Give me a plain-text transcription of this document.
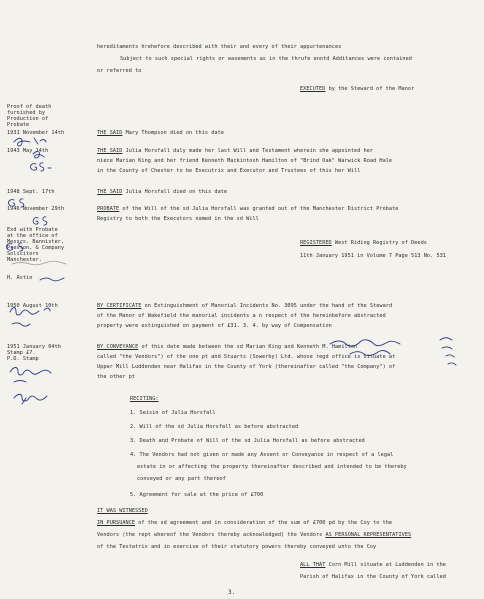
hereditaments hrehefore described with their and every of their appurtenances
Subject to such special rights or easements as in the thrufe enntd Additances were contained
or referred to
EXECUTED by the Steward of the Manor
Proof of death
furnished by
Production of
Probate
1931 November 14th	THE SAID Mary Thompson died on this date
1943 May 14th	THE SAID Julia Horsfall duly made her last Will and Testament wherein she appointed her
niece Marian King and her friend Kenneth Mackintosh Hamilton of "Brind Oak" Warwick Road Hale
in the County of Chester to be Executrix and Executor and Trustees of this her Will
1948 Sept. 17th	THE SAID Julia Horsfall died on this date
1946 November 29th	PROBATE of the Will of the sd Julia Horsfall was granted out of the Manchester District Probate
Registry to both the Executors named in the sd Will
Exd with Probate
at the office of
Messrs. Bannister,
Preston, & Company
Solicitors
Manchester.
H. Astin
REGISTERED West Riding Registry of Deeds
11th January 1951 in Volume 7 Page 513 No. 531
1950 August 10th	BY CERTIFICATE on Extinguishment of Manorial Incidents No. 3095 under the hand of the Steward
of the Manor of Wakefield the manorial incidents a n respect of the hereinbefore abstracted
property were extinguished on payment of £31. 3. 4. by way of Compensation
1951 January 04th
Stamp £7.
P.D. Stamp
BY CONVEYANCE of this date made between the sd Marian King and Kenneth M. Hamilton
called "the Vendors") of the one pt and Stuarts (Sowerby) Ltd. whose regd office is situate at
Upper Mill Luddenden near Halifax in the County of York (thereinafter called "the Company") of
the other pt
RECITING:
1. Seisin of Julia Horsfall
2. Will of the sd Julia Horsfall as before abstracted
3. Death and Probate of Will of the sd Julia Horsfall as before abstracted
4. The Vendors had not given or made any Assent or Conveyance in respect of a legal
estate in or affecting the property thereinafter described and intended to be thereby
conveyed or any part thereof
5. Agreement for sale at the price of £700
IT WAS WITNESSED
IN PURSUANCE of the sd agreement and in consideration of the sum of £700 pd by the Coy to the
Vendors (the rept whereof the Vendors thereby acknowledged) the Vendors AS PERSONAL REPRESENTATIVES
of the Testatrix and in exercise of their statutory powers thereby conveyed unto the Coy
ALL THAT Corn Mill situate at Luddenden in the
Parish of Halifax in the County of York called
3.
